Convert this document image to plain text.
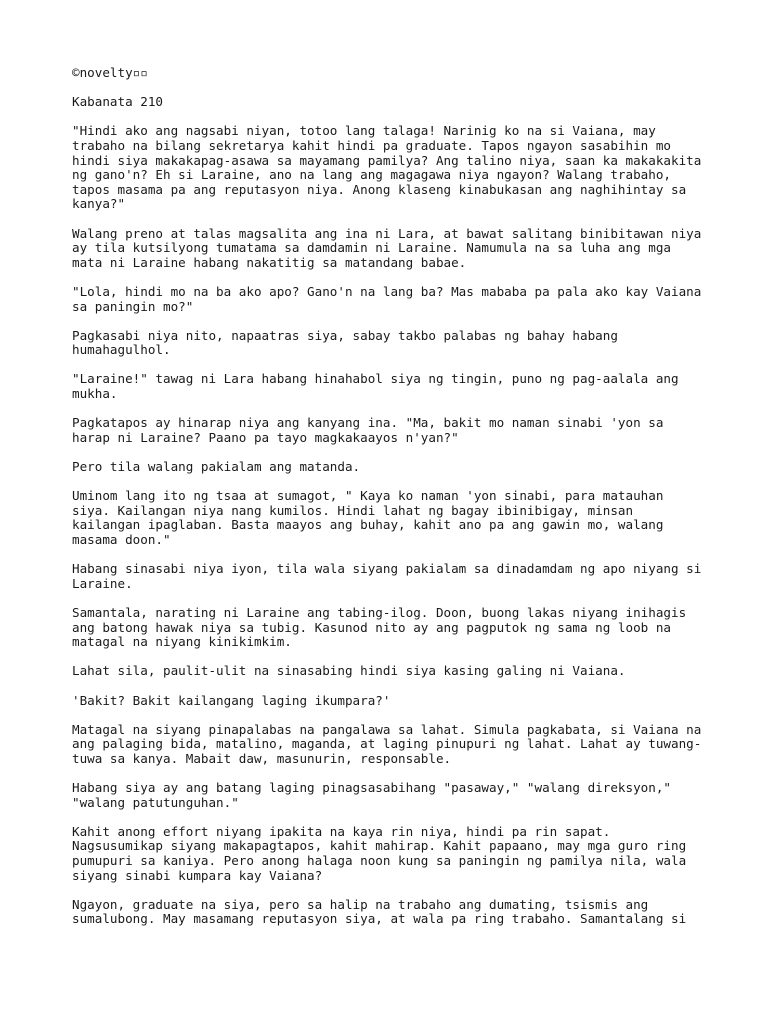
©novelty▫▫

Kabanata 210

"Hindi ako ang nagsabi niyan, totoo lang talaga! Narinig ko na si Vaiana, may
trabaho na bilang sekretarya kahit hindi pa graduate. Tapos ngayon sasabihin mo
hindi siya makakapag-asawa sa mayamang pamilya? Ang talino niya, saan ka makakakita
ng gano'n? Eh si Laraine, ano na lang ang magagawa niya ngayon? Walang trabaho,
tapos masama pa ang reputasyon niya. Anong klaseng kinabukasan ang naghihintay sa
kanya?"

Walang preno at talas magsalita ang ina ni Lara, at bawat salitang binibitawan niya
ay tila kutsilyong tumatama sa damdamin ni Laraine. Namumula na sa luha ang mga
mata ni Laraine habang nakatitig sa matandang babae.

"Lola, hindi mo na ba ako apo? Gano'n na lang ba? Mas mababa pa pala ako kay Vaiana
sa paningin mo?"

Pagkasabi niya nito, napaatras siya, sabay takbo palabas ng bahay habang
humahagulhol.

"Laraine!" tawag ni Lara habang hinahabol siya ng tingin, puno ng pag-aalala ang
mukha.

Pagkatapos ay hinarap niya ang kanyang ina. "Ma, bakit mo naman sinabi 'yon sa
harap ni Laraine? Paano pa tayo magkakaayos n'yan?"

Pero tila walang pakialam ang matanda.

Uminom lang ito ng tsaa at sumagot, " Kaya ko naman 'yon sinabi, para matauhan
siya. Kailangan niya nang kumilos. Hindi lahat ng bagay ibinibigay, minsan
kailangan ipaglaban. Basta maayos ang buhay, kahit ano pa ang gawin mo, walang
masama doon."

Habang sinasabi niya iyon, tila wala siyang pakialam sa dinadamdam ng apo niyang si
Laraine.

Samantala, narating ni Laraine ang tabing-ilog. Doon, buong lakas niyang inihagis
ang batong hawak niya sa tubig. Kasunod nito ay ang pagputok ng sama ng loob na
matagal na niyang kinikimkim.

Lahat sila, paulit-ulit na sinasabing hindi siya kasing galing ni Vaiana.

'Bakit? Bakit kailangang laging ikumpara?'

Matagal na siyang pinapalabas na pangalawa sa lahat. Simula pagkabata, si Vaiana na
ang palaging bida, matalino, maganda, at laging pinupuri ng lahat. Lahat ay tuwang-
tuwa sa kanya. Mabait daw, masunurin, responsable.

Habang siya ay ang batang laging pinagsasabihang "pasaway," "walang direksyon,"
"walang patutunguhan."

Kahit anong effort niyang ipakita na kaya rin niya, hindi pa rin sapat.
Nagsusumikap siyang makapagtapos, kahit mahirap. Kahit papaano, may mga guro ring
pumupuri sa kaniya. Pero anong halaga noon kung sa paningin ng pamilya nila, wala
siyang sinabi kumpara kay Vaiana?

Ngayon, graduate na siya, pero sa halip na trabaho ang dumating, tsismis ang
sumalubong. May masamang reputasyon siya, at wala pa ring trabaho. Samantalang si
